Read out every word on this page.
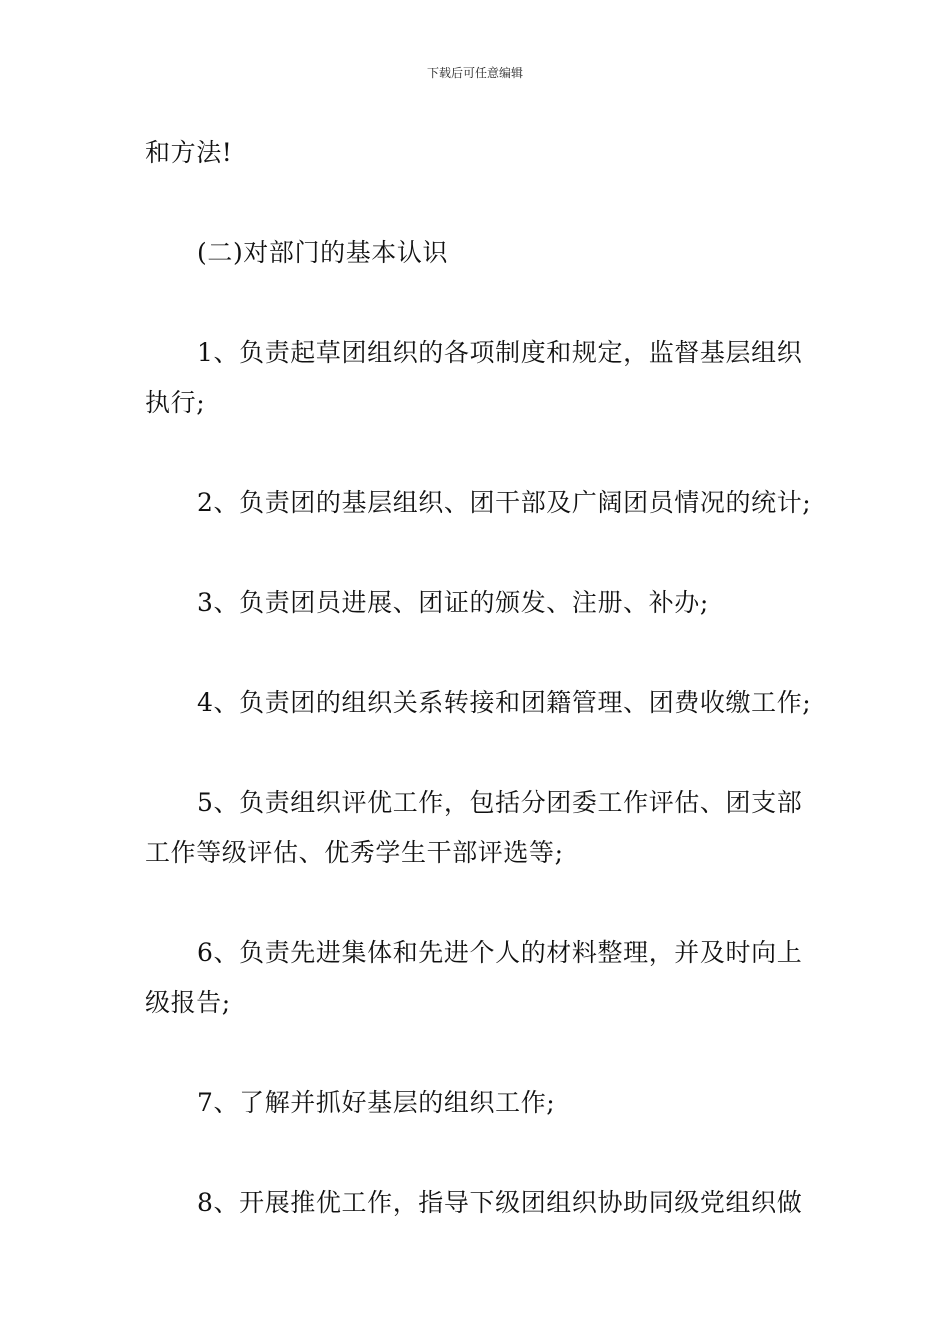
下载后可任意编辑

和方法!

(二)对部门的基本认识

1、负责起草团组织的各项制度和规定，监督基层组织

执行;

2、负责团的基层组织、团干部及广阔团员情况的统计;

3、负责团员进展、团证的颁发、注册、补办;

4、负责团的组织关系转接和团籍管理、团费收缴工作;

5、负责组织评优工作，包括分团委工作评估、团支部

工作等级评估、优秀学生干部评选等;

6、负责先进集体和先进个人的材料整理，并及时向上

级报告;

7、了解并抓好基层的组织工作;

8、开展推优工作，指导下级团组织协助同级党组织做
